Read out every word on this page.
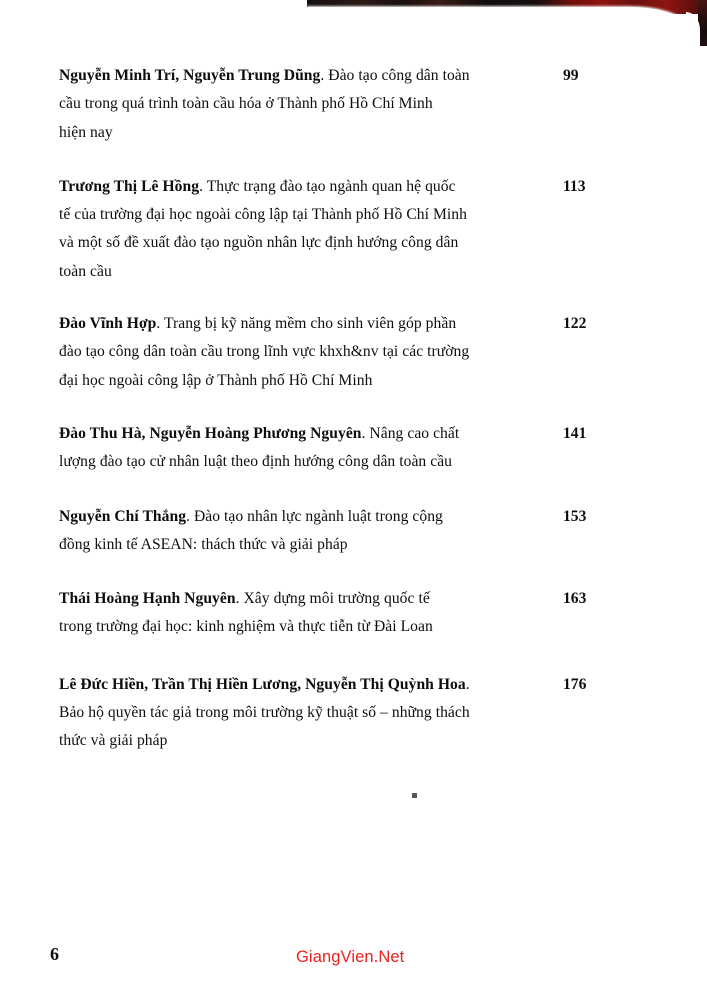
Nguyễn Minh Trí, Nguyễn Trung Dũng. Đào tạo công dân toàn
cầu trong quá trình toàn cầu hóa ở Thành phố Hồ Chí Minh
hiện nay
99
Trương Thị Lê Hồng. Thực trạng đào tạo ngành quan hệ quốc
tế của trường đại học ngoài công lập tại Thành phố Hồ Chí Minh
và một số đề xuất đào tạo nguồn nhân lực định hướng công dân
toàn cầu
113
Đào Vĩnh Hợp. Trang bị kỹ năng mềm cho sinh viên góp phần
đào tạo công dân toàn cầu trong lĩnh vực khxh&nv tại các trường
đại học ngoài công lập ở Thành phố Hồ Chí Minh
122
Đào Thu Hà, Nguyễn Hoàng Phương Nguyên. Nâng cao chất
lượng đào tạo cử nhân luật theo định hướng công dân toàn cầu
141
Nguyễn Chí Thắng. Đào tạo nhân lực ngành luật trong cộng
đồng kinh tế ASEAN: thách thức và giải pháp
153
Thái Hoàng Hạnh Nguyên. Xây dựng môi trường quốc tế
trong trường đại học: kinh nghiệm và thực tiễn từ Đài Loan
163
Lê Đức Hiền, Trần Thị Hiền Lương, Nguyễn Thị Quỳnh Hoa.
Bảo hộ quyền tác giả trong môi trường kỹ thuật số – những thách
thức và giải pháp
176
6	GiangVien.Net
